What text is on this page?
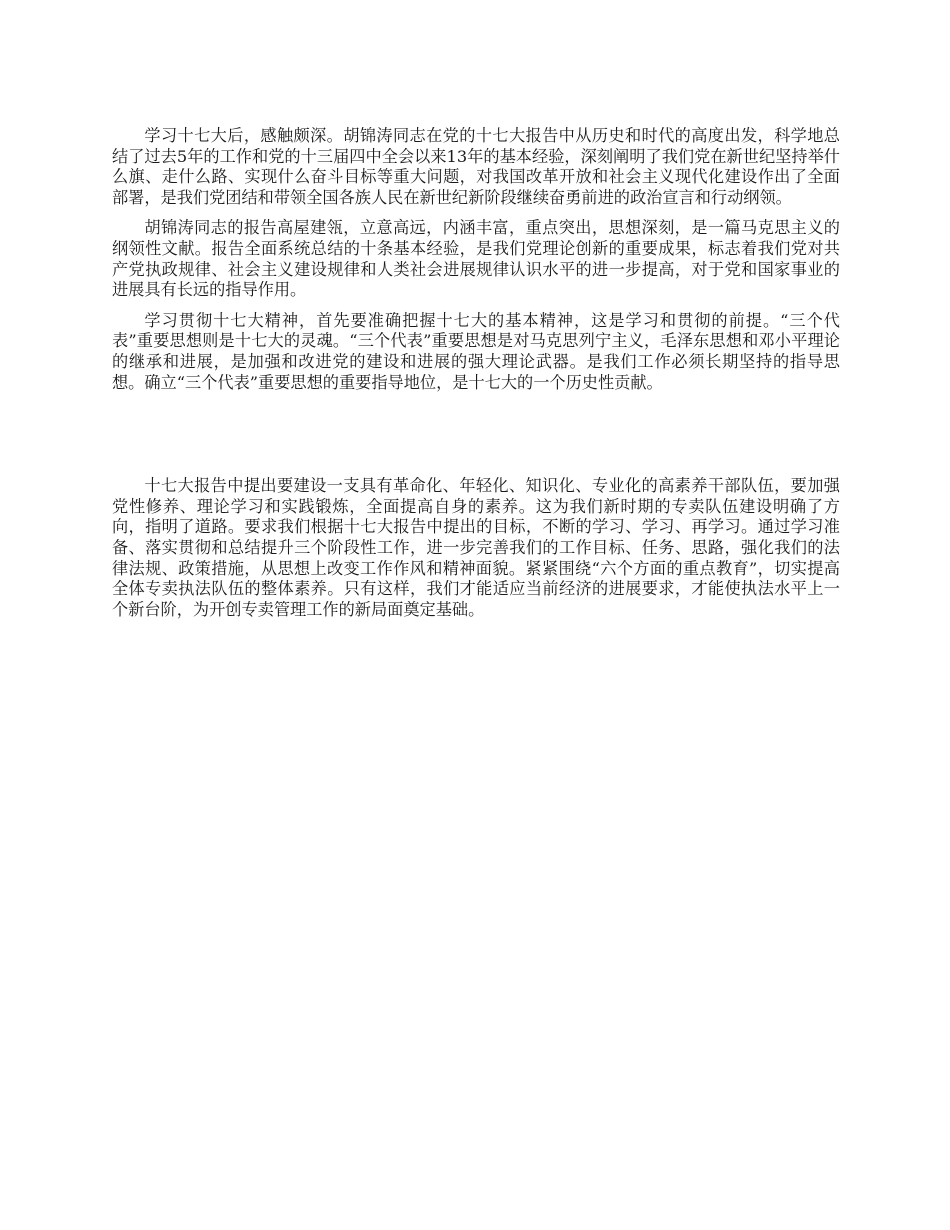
学习十七大后，感触颇深。胡锦涛同志在党的十七大报告中从历史和时代的高度出发，科学地总结了过去5年的工作和党的十三届四中全会以来13年的基本经验，深刻阐明了我们党在新世纪坚持举什么旗、走什么路、实现什么奋斗目标等重大问题，对我国改革开放和社会主义现代化建设作出了全面部署，是我们党团结和带领全国各族人民在新世纪新阶段继续奋勇前进的政治宣言和行动纲领。

胡锦涛同志的报告高屋建瓴，立意高远，内涵丰富，重点突出，思想深刻，是一篇马克思主义的纲领性文献。报告全面系统总结的十条基本经验，是我们党理论创新的重要成果，标志着我们党对共产党执政规律、社会主义建设规律和人类社会进展规律认识水平的进一步提高，对于党和国家事业的进展具有长远的指导作用。

学习贯彻十七大精神，首先要准确把握十七大的基本精神，这是学习和贯彻的前提。“三个代表”重要思想则是十七大的灵魂。“三个代表”重要思想是对马克思列宁主义，毛泽东思想和邓小平理论的继承和进展，是加强和改进党的建设和进展的强大理论武器。是我们工作必须长期坚持的指导思想。确立“三个代表”重要思想的重要指导地位，是十七大的一个历史性贡献。

十七大报告中提出要建设一支具有革命化、年轻化、知识化、专业化的高素养干部队伍，要加强党性修养、理论学习和实践锻炼，全面提高自身的素养。这为我们新时期的专卖队伍建设明确了方向，指明了道路。要求我们根据十七大报告中提出的目标，不断的学习、学习、再学习。通过学习准备、落实贯彻和总结提升三个阶段性工作，进一步完善我们的工作目标、任务、思路，强化我们的法律法规、政策措施，从思想上改变工作作风和精神面貌。紧紧围绕“六个方面的重点教育”，切实提高全体专卖执法队伍的整体素养。只有这样，我们才能适应当前经济的进展要求，才能使执法水平上一个新台阶，为开创专卖管理工作的新局面奠定基础。
